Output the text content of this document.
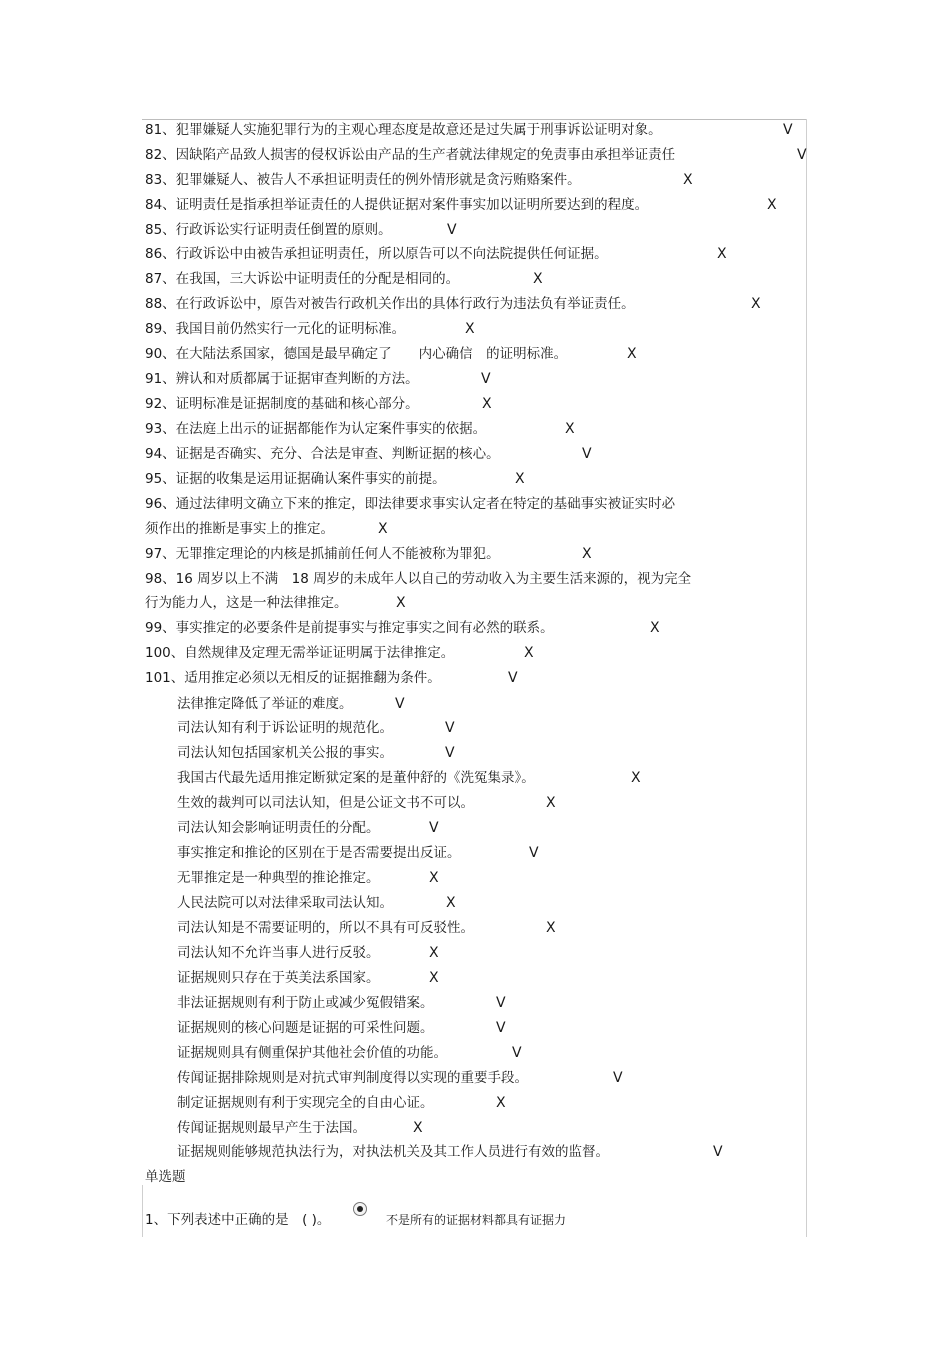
81、犯罪嫌疑人实施犯罪行为的主观心理态度是故意还是过失属于刑事诉讼证明对象。	V
82、因缺陷产品致人损害的侵权诉讼由产品的生产者就法律规定的免责事由承担举证责任	V
83、犯罪嫌疑人、被告人不承担证明责任的例外情形就是贪污贿赂案件。	X
84、证明责任是指承担举证责任的人提供证据对案件事实加以证明所要达到的程度。	X
85、行政诉讼实行证明责任倒置的原则。	V
86、行政诉讼中由被告承担证明责任，所以原告可以不向法院提供任何证据。	X
87、在我国，三大诉讼中证明责任的分配是相同的。	X
88、在行政诉讼中，原告对被告行政机关作出的具体行政行为违法负有举证责任。	X
89、我国目前仍然实行一元化的证明标准。	X
90、在大陆法系国家，德国是最早确定了　　内心确信　的证明标准。	X
91、辨认和对质都属于证据审查判断的方法。	V
92、证明标准是证据制度的基础和核心部分。	X
93、在法庭上出示的证据都能作为认定案件事实的依据。	X
94、证据是否确实、充分、合法是审查、判断证据的核心。	V
95、证据的收集是运用证据确认案件事实的前提。	X
96、通过法律明文确立下来的推定，即法律要求事实认定者在特定的基础事实被证实时必
须作出的推断是事实上的推定。	X
97、无罪推定理论的内核是抓捕前任何人不能被称为罪犯。	X
98、16 周岁以上不满　18 周岁的未成年人以自己的劳动收入为主要生活来源的，视为完全
行为能力人，这是一种法律推定。	X
99、事实推定的必要条件是前提事实与推定事实之间有必然的联系。	X
100、自然规律及定理无需举证证明属于法律推定。	X
101、适用推定必须以无相反的证据推翻为条件。	V
法律推定降低了举证的难度。	V
司法认知有利于诉讼证明的规范化。	V
司法认知包括国家机关公报的事实。	V
我国古代最先适用推定断狱定案的是董仲舒的《洗冤集录》。	X
生效的裁判可以司法认知，但是公证文书不可以。	X
司法认知会影响证明责任的分配。	V
事实推定和推论的区别在于是否需要提出反证。	V
无罪推定是一种典型的推论推定。	X
人民法院可以对法律采取司法认知。	X
司法认知是不需要证明的，所以不具有可反驳性。	X
司法认知不允许当事人进行反驳。	X
证据规则只存在于英美法系国家。	X
非法证据规则有利于防止或减少冤假错案。	V
证据规则的核心问题是证据的可采性问题。	V
证据规则具有侧重保护其他社会价值的功能。	V
传闻证据排除规则是对抗式审判制度得以实现的重要手段。	V
制定证据规则有利于实现完全的自由心证。	X
传闻证据规则最早产生于法国。	X
证据规则能够规范执法行为，对执法机关及其工作人员进行有效的监督。	V
单选题
1、下列表述中正确的是　( )。	不是所有的证据材料都具有证据力
